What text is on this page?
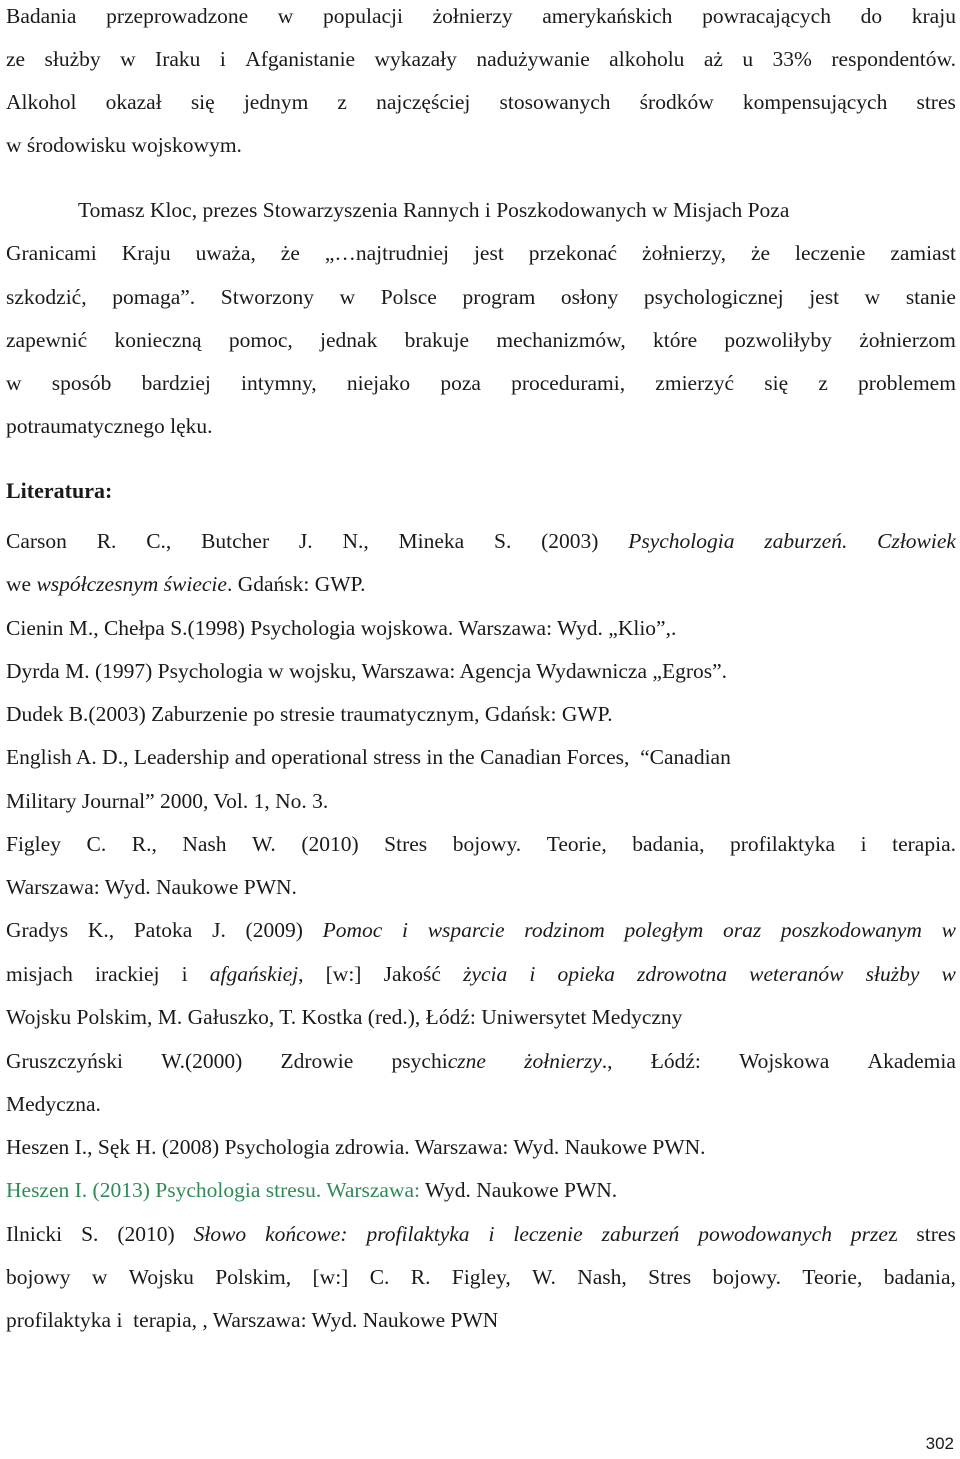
Badania przeprowadzone w populacji żołnierzy amerykańskich powracających do kraju
ze służby w Iraku i Afganistanie wykazały nadużywanie alkoholu aż u 33% respondentów.
Alkohol okazał się jednym z najczęściej stosowanych środków kompensujących stres
w środowisku wojskowym.
Tomasz Kloc, prezes Stowarzyszenia Rannych i Poszkodowanych w Misjach Poza
Granicami Kraju uważa, że „…najtrudniej jest przekonać żołnierzy, że leczenie zamiast
szkodzić, pomaga”. Stworzony w Polsce program osłony psychologicznej jest w stanie
zapewnić konieczną pomoc, jednak brakuje mechanizmów, które pozwoliłyby żołnierzom
w sposób bardziej intymny, niejako poza procedurami, zmierzyć się z problemem
potraumatycznego lęku.
Literatura:
Carson R. C., Butcher J. N., Mineka S. (2003) Psychologia zaburzeń. Człowiek
we współczesnym świecie. Gdańsk: GWP.
Cienin M., Chełpa S.(1998) Psychologia wojskowa. Warszawa: Wyd. „Klio”,.
Dyrda M. (1997) Psychologia w wojsku, Warszawa: Agencja Wydawnicza „Egros”.
Dudek B.(2003) Zaburzenie po stresie traumatycznym, Gdańsk: GWP.
English A. D., Leadership and operational stress in the Canadian Forces,  “Canadian
Military Journal” 2000, Vol. 1, No. 3.
Figley C. R., Nash W. (2010) Stres bojowy. Teorie, badania, profilaktyka i terapia.
Warszawa: Wyd. Naukowe PWN.
Gradys K., Patoka J. (2009) Pomoc i wsparcie rodzinom poległym oraz poszkodowanym w
misjach irackiej i afgańskiej, [w:] Jakość życia i opieka zdrowotna weteranów służby w
Wojsku Polskim, M. Gałuszko, T. Kostka (red.), Łódź: Uniwersytet Medyczny
Gruszczyński W.(2000) Zdrowie psychiczne żołnierzy., Łódź: Wojskowa Akademia
Medyczna.
Heszen I., Sęk H. (2008) Psychologia zdrowia. Warszawa: Wyd. Naukowe PWN.
Heszen I. (2013) Psychologia stresu. Warszawa: Wyd. Naukowe PWN.
Ilnicki S. (2010) Słowo końcowe: profilaktyka i leczenie zaburzeń powodowanych przez stres
bojowy w Wojsku Polskim, [w:] C. R. Figley, W. Nash, Stres bojowy. Teorie, badania,
profilaktyka i  terapia, , Warszawa: Wyd. Naukowe PWN
302
